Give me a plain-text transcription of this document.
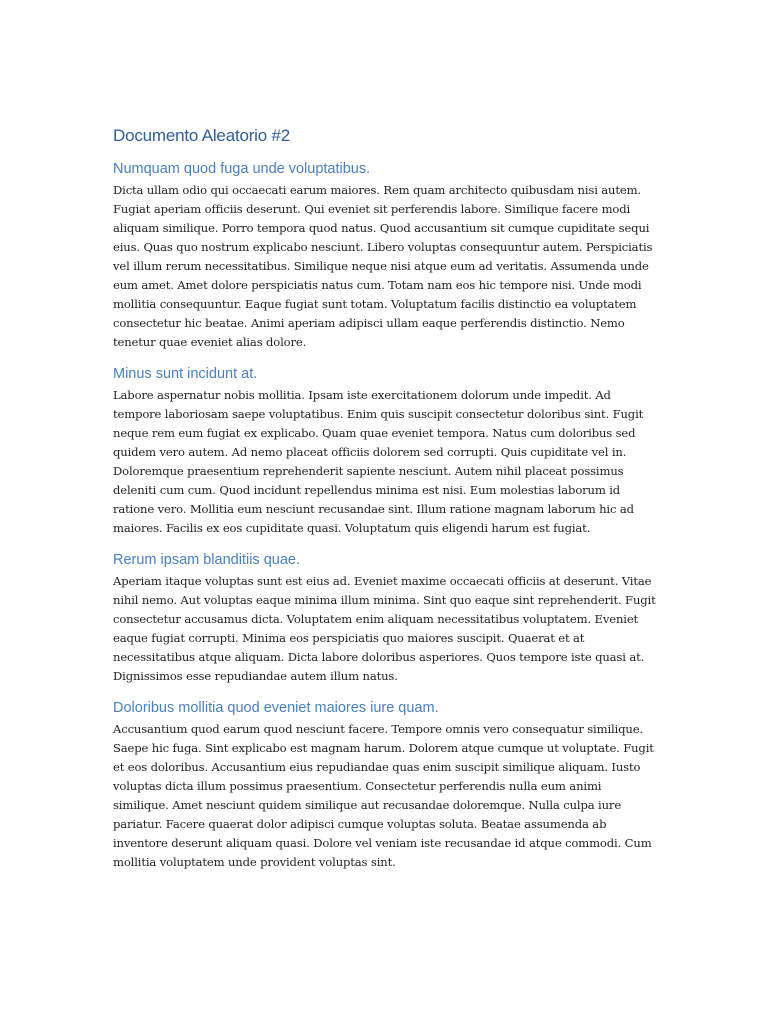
Documento Aleatorio #2
Numquam quod fuga unde voluptatibus.

Dicta ullam odio qui occaecati earum maiores. Rem quam architecto quibusdam nisi autem. Fugiat aperiam officiis deserunt. Qui eveniet sit perferendis labore. Similique facere modi aliquam similique. Porro tempora quod natus. Quod accusantium sit cumque cupiditate sequi eius. Quas quo nostrum explicabo nesciunt. Libero voluptas consequuntur autem. Perspiciatis vel illum rerum necessitatibus. Similique neque nisi atque eum ad veritatis. Assumenda unde eum amet. Amet dolore perspiciatis natus cum. Totam nam eos hic tempore nisi. Unde modi mollitia consequuntur. Eaque fugiat sunt totam. Voluptatum facilis distinctio ea voluptatem consectetur hic beatae. Animi aperiam adipisci ullam eaque perferendis distinctio. Nemo tenetur quae eveniet alias dolore.

Minus sunt incidunt at.

Labore aspernatur nobis mollitia. Ipsam iste exercitationem dolorum unde impedit. Ad tempore laboriosam saepe voluptatibus. Enim quis suscipit consectetur doloribus sint. Fugit neque rem eum fugiat ex explicabo. Quam quae eveniet tempora. Natus cum doloribus sed quidem vero autem. Ad nemo placeat officiis dolorem sed corrupti. Quis cupiditate vel in. Doloremque praesentium reprehenderit sapiente nesciunt. Autem nihil placeat possimus deleniti cum cum. Quod incidunt repellendus minima est nisi. Eum molestias laborum id ratione vero. Mollitia eum nesciunt recusandae sint. Illum ratione magnam laborum hic ad maiores. Facilis ex eos cupiditate quasi. Voluptatum quis eligendi harum est fugiat.

Rerum ipsam blanditiis quae.

Aperiam itaque voluptas sunt est eius ad. Eveniet maxime occaecati officiis at deserunt. Vitae nihil nemo. Aut voluptas eaque minima illum minima. Sint quo eaque sint reprehenderit. Fugit consectetur accusamus dicta. Voluptatem enim aliquam necessitatibus voluptatem. Eveniet eaque fugiat corrupti. Minima eos perspiciatis quo maiores suscipit. Quaerat et at necessitatibus atque aliquam. Dicta labore doloribus asperiores. Quos tempore iste quasi at. Dignissimos esse repudiandae autem illum natus.

Doloribus mollitia quod eveniet maiores iure quam.

Accusantium quod earum quod nesciunt facere. Tempore omnis vero consequatur similique. Saepe hic fuga. Sint explicabo est magnam harum. Dolorem atque cumque ut voluptate. Fugit et eos doloribus. Accusantium eius repudiandae quas enim suscipit similique aliquam. Iusto voluptas dicta illum possimus praesentium. Consectetur perferendis nulla eum animi similique. Amet nesciunt quidem similique aut recusandae doloremque. Nulla culpa iure pariatur. Facere quaerat dolor adipisci cumque voluptas soluta. Beatae assumenda ab inventore deserunt aliquam quasi. Dolore vel veniam iste recusandae id atque commodi. Cum mollitia voluptatem unde provident voluptas sint.
